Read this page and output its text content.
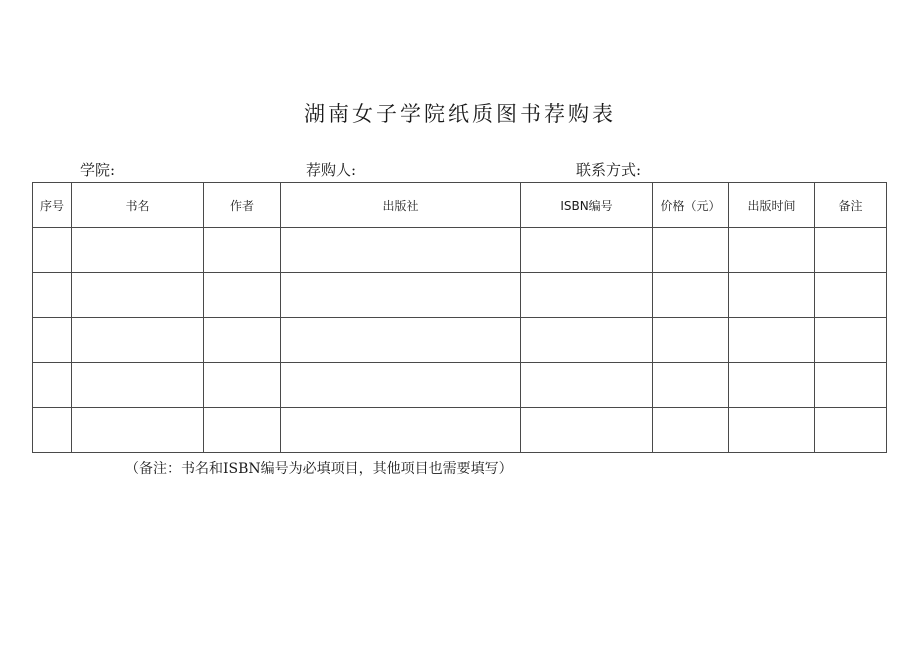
湖南女子学院纸质图书荐购表
学院:	荐购人:	联系方式:
序号	书名	作者	出版社	ISBN编号	价格（元）	出版时间	备注

（备注：书名和ISBN编号为必填项目，其他项目也需要填写）
